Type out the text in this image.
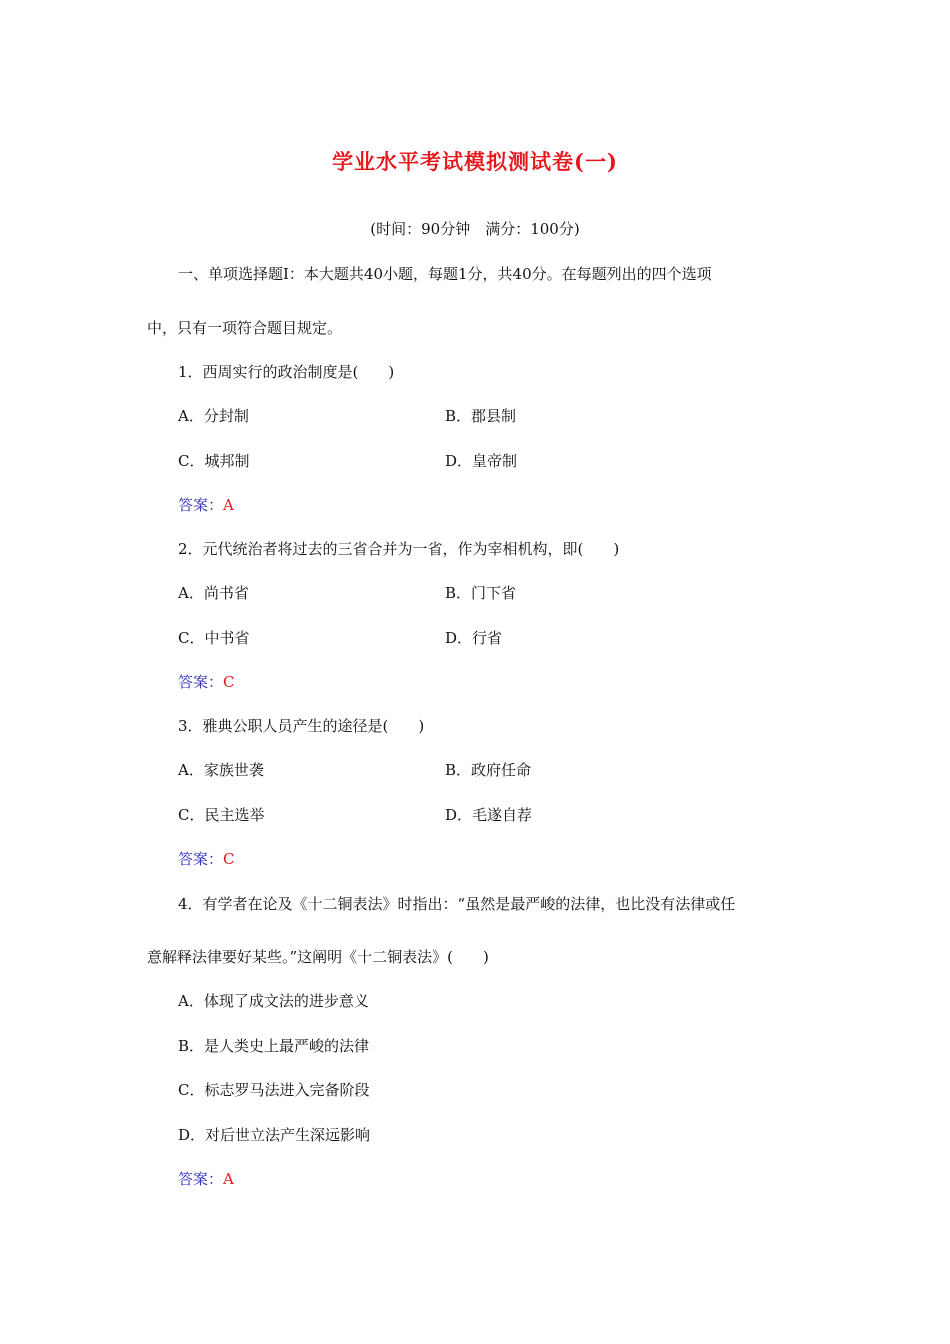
学业水平考试模拟测试卷(一)
(时间：90分钟　满分：100分)
一、单项选择题Ⅰ：本大题共40小题，每题1分，共40分。在每题列出的四个选项
中，只有一项符合题目规定。
1．西周实行的政治制度是(　　)
A．分封制	B．郡县制
C．城邦制	D．皇帝制
答案：A
2．元代统治者将过去的三省合并为一省，作为宰相机构，即(　　)
A．尚书省	B．门下省
C．中书省	D．行省
答案：C
3．雅典公职人员产生的途径是(　　)
A．家族世袭	B．政府任命
C．民主选举	D．毛遂自荐
答案：C
4．有学者在论及《十二铜表法》时指出：“虽然是最严峻的法律，也比没有法律或任
意解释法律要好某些。”这阐明《十二铜表法》(　　)
A．体现了成文法的进步意义
B．是人类史上最严峻的法律
C．标志罗马法进入完备阶段
D．对后世立法产生深远影响
答案：A
